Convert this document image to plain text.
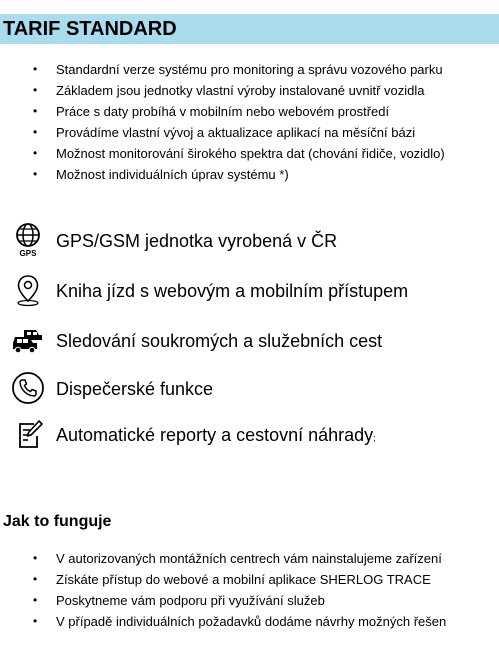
TARIF STANDARD
• Standardní verze systému pro monitoring a správu vozového parku
• Základem jsou jednotky vlastní výroby instalované uvnitř vozidla
• Práce s daty probíhá v mobilním nebo webovém prostředí
• Provádíme vlastní vývoj a aktualizace aplikací na měsíční bázi
• Možnost monitorování širokého spektra dat (chování řidiče, vozidlo)
• Možnost individuálních úprav systému *)
GPS
GPS/GSM jednotka vyrobená v ČR
Kniha jízd s webovým a mobilním přístupem
Sledování soukromých a služebních cest
Dispečerské funkce
Automatické reporty a cestovní náhrady;
Jak to funguje
• V autorizovaných montážních centrech vám nainstalujeme zařízení
• Získáte přístup do webové a mobilní aplikace SHERLOG TRACE
• Poskytneme vám podporu při využívání služeb
• V případě individuálních požadavků dodáme návrhy možných řešen
